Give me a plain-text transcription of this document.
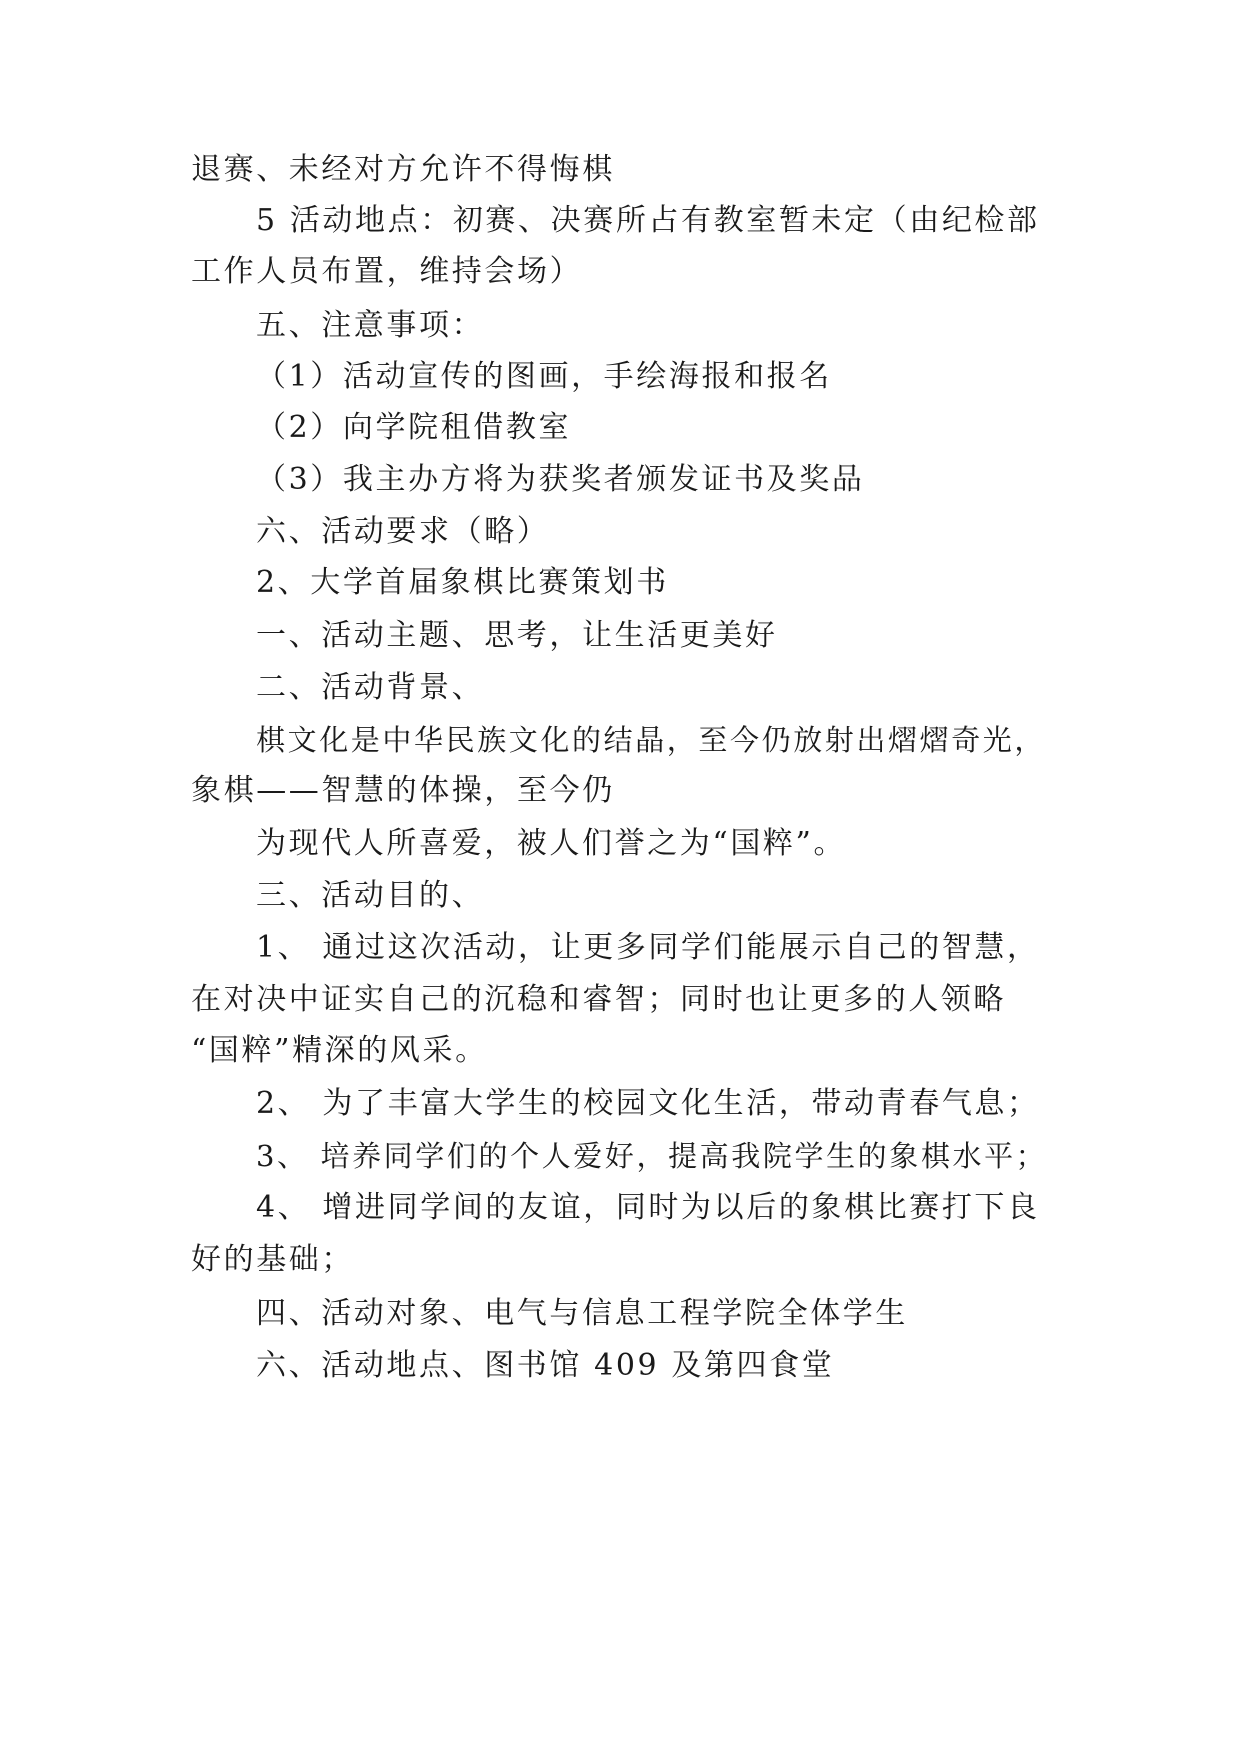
退赛、未经对方允许不得悔棋

5 活动地点：初赛、决赛所占有教室暂未定（由纪检部

工作人员布置，维持会场）

五、注意事项：

（1）活动宣传的图画，手绘海报和报名

（2）向学院租借教室

（3）我主办方将为获奖者颁发证书及奖品

六、活动要求（略）

2、大学首届象棋比赛策划书

一、活动主题、思考，让生活更美好

二、活动背景、

棋文化是中华民族文化的结晶，至今仍放射出熠熠奇光，

象棋——智慧的体操，至今仍

为现代人所喜爱，被人们誉之为“国粹”。

三、活动目的、

1、 通过这次活动，让更多同学们能展示自己的智慧，

在对决中证实自己的沉稳和睿智；同时也让更多的人领略

“国粹”精深的风采。

2、 为了丰富大学生的校园文化生活，带动青春气息；

3、 培养同学们的个人爱好，提高我院学生的象棋水平；

4、 增进同学间的友谊，同时为以后的象棋比赛打下良

好的基础；

四、活动对象、电气与信息工程学院全体学生

六、活动地点、图书馆 409 及第四食堂
